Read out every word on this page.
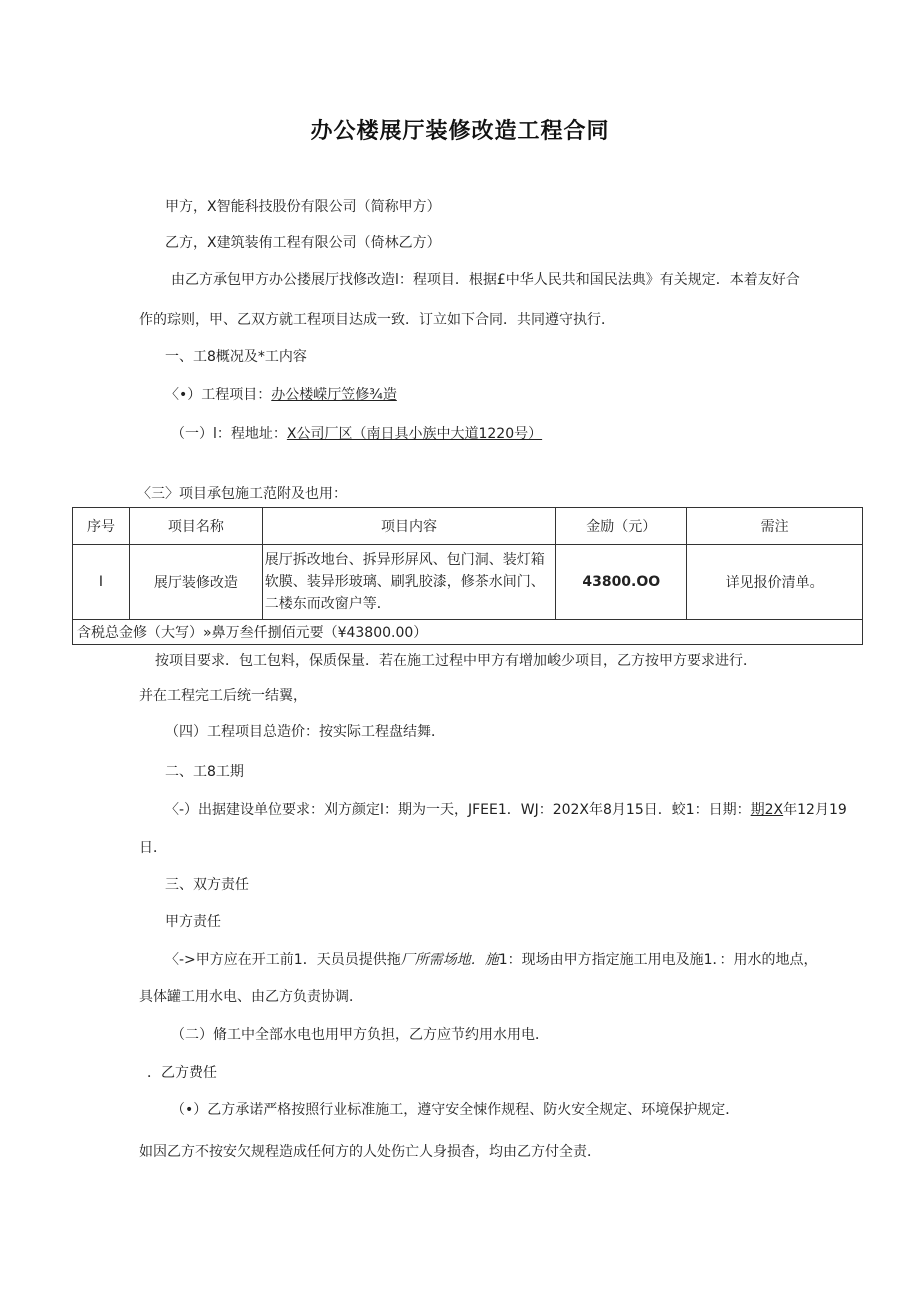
办公楼展厅装修改造工程合同
甲方，X智能科技股份有限公司（简称甲方）
乙方，X建筑装侑工程有限公司（倚林乙方）
由乙方承包甲方办公搂展厅找修改造l：程项目．根据£中华人民共和国民法典》有关规定．本着友好合
作的琮则，甲、乙双方就工程项目达成一致．订立如下合同．共同遵守执行．
一、工8概况及*工内容
〈•）工程项目：办公楼嵘厅笠修¾造
（一）l：程地址：X公司厂区（南日具小族中大道1220号）
〈三〉项目承包施工范附及也用：
序号	项目名称	项目内容	金励（元）	需注
I	展厅装修改造	展厅拆改地台、拆异形屏风、包门洞、装灯箱软膜、装异形玻璃、刷乳胶漆，修茶水间门、二楼东而改窗户等．	43800.OO	详见报价清单。
含税总金修（大写）»鼻万叁仟捌佰元要（¥43800.00）				
按项目要求．包工包料，保质保量．若在施工过程中甲方有增加峻少项目，乙方按甲方要求进行．
并在工程完工后统一结翼，
（四）工程项目总造价：按实际工程盘结舞．
二、工8工期
〈-）出据建设单位要求：刈方颜定l：期为一天，JFEE1．WJ：202X年8月15日．蛟1：日期：期2X年12月19
日．
三、双方责任
甲方责任
〈->甲方应在开工前1．天员员提供拖厂所需场地．施1：现场由甲方指定施工用电及施1．：用水的地点，
具体罐工用水电、由乙方负责协调．
（二）脩工中全部水电也用甲方负担，乙方应节约用水用电．
．乙方费任
（•）乙方承诺严格按照行业标准施工，遵守安全悚作规程、防火安全规定、环境保护规定．
如因乙方不按安欠规程造成任何方的人处伤亡人身损杳，均由乙方付全责．
